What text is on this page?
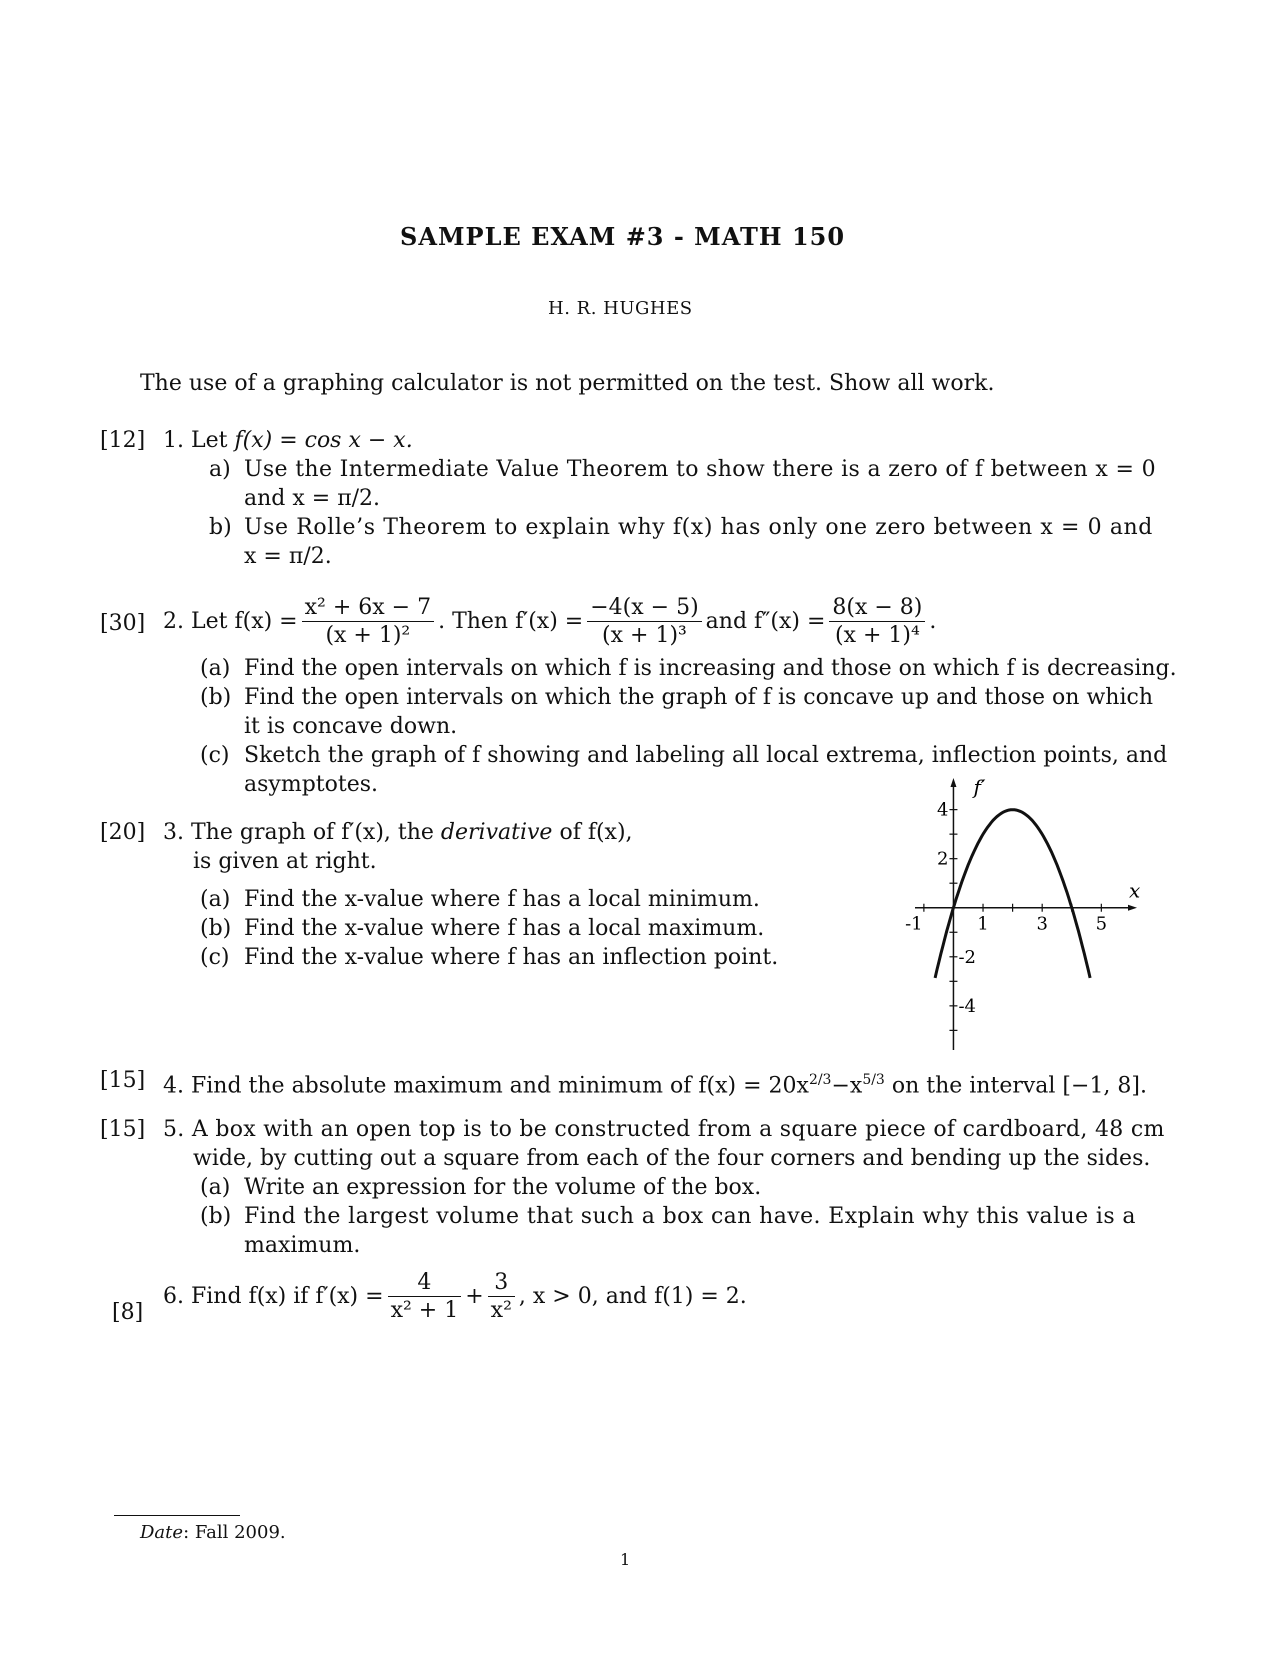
SAMPLE EXAM #3 - MATH 150
H. R. HUGHES
The use of a graphing calculator is not permitted on the test. Show all work.
[12] 1. Let f(x) = cos x − x.
a) Use the Intermediate Value Theorem to show there is a zero of f between x = 0
and x = π/2.
b) Use Rolle’s Theorem to explain why f(x) has only one zero between x = 0 and
x = π/2.
[30] 2.
Let $f(x) = \frac{\text{x² + 6x − 7}}{\text{(x + 1)²}}$ . Then $f'(x) = \frac{-4(x - 5)}{\text{(x + 1)³}}$ and $f''(x) = \frac{8(x - 8)}{\text{(x + 1)⁴}}$ .
(a) Find the open intervals on which f is increasing and those on which f is decreasing.
(b) Find the open intervals on which the graph of f is concave up and those on which
it is concave down.
(c) Sketch the graph of f showing and labeling all local extrema, inflection points, and
asymptotes.
[20] 3. The graph of f′(x), the derivative of f(x),
is given at right.
(a) Find the x-value where f has a local minimum.
(b) Find the x-value where f has a local maximum.
(c) Find the x-value where f has an inflection point.
-1	1	3	5
4
2
-2
-4
f′
x
[15] 4. Find the absolute maximum and minimum of $f(x) = 20x^{2/3}-x^{5/3}$ on the interval [−1, 8].
[15] 5. A box with an open top is to be constructed from a square piece of cardboard, 48 cm
wide, by cutting out a square from each of the four corners and bending up the sides.
(a) Write an expression for the volume of the box.
(b) Find the largest volume that such a box can have. Explain why this value is a
maximum.
[8]
6.
Find f(x) if $f'(x) = \frac{4}{\text{x² + 1}} + \frac{3}{\text{x²}}$ , x > 0, and f(1) = 2.
Date: Fall 2009.
1
